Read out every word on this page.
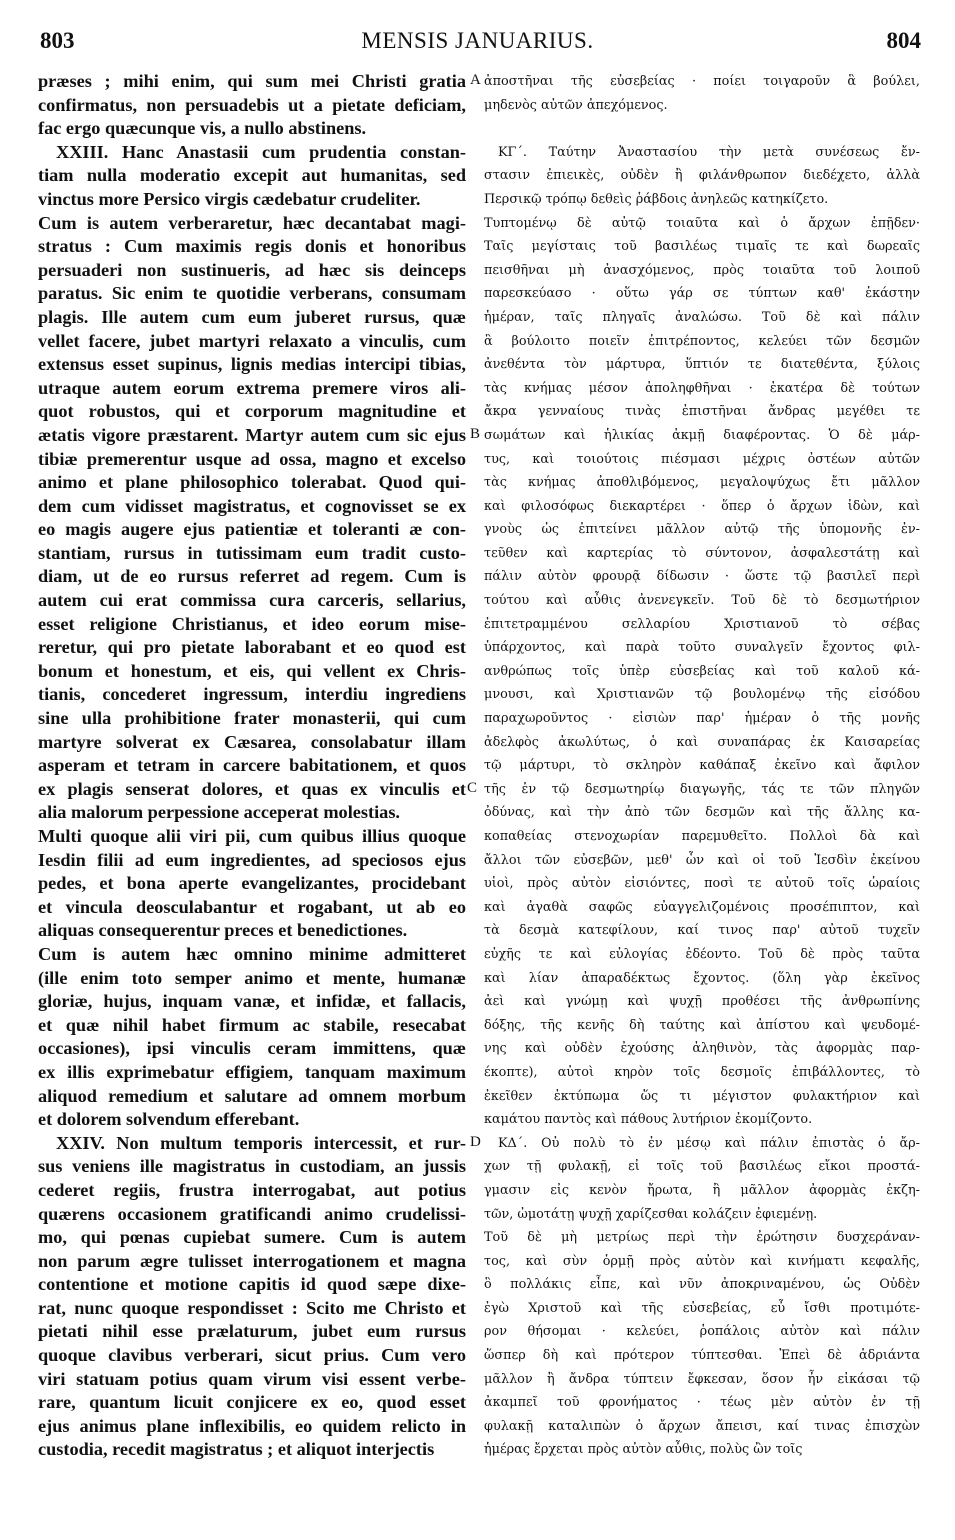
803	MENSIS JANUARIUS.	804
præses ; mihi enim, qui sum mei Christi gratia
confirmatus, non persuadebis ut a pietate deficiam,
fac ergo quæcunque vis, a nullo abstinens.
XXIII. Hanc Anastasii cum prudentia constan-
tiam nulla moderatio excepit aut humanitas, sed
vinctus more Persico virgis cædebatur crudeliter.
Cum is autem verberaretur, hæc decantabat magi-
stratus : Cum maximis regis donis et honoribus
persuaderi non sustinueris, ad hæc sis deinceps
paratus. Sic enim te quotidie verberans, consumam
plagis. Ille autem cum eum juberet rursus, quæ
vellet facere, jubet martyri relaxato a vinculis, cum
extensus esset supinus, lignis medias intercipi tibias,
utraque autem eorum extrema premere viros ali-
quot robustos, qui et corporum magnitudine et
ætatis vigore præstarent. Martyr autem cum sic ejus
tibiæ premerentur usque ad ossa, magno et excelso
animo et plane philosophico tolerabat. Quod qui-
dem cum vidisset magistratus, et cognovisset se ex
eo magis augere ejus patientiæ et toleranti æ con-
stantiam, rursus in tutissimam eum tradit custo-
diam, ut de eo rursus referret ad regem. Cum is
autem cui erat commissa cura carceris, sellarius,
esset religione Christianus, et ideo eorum mise-
reretur, qui pro pietate laborabant et eo quod est
bonum et honestum, et eis, qui vellent ex Chris-
tianis, concederet ingressum, interdiu ingrediens
sine ulla prohibitione frater monasterii, qui cum
martyre solverat ex Cæsarea, consolabatur illam
asperam et tetram in carcere babitationem, et quos
ex plagis senserat dolores, et quas ex vinculis et
alia malorum perpessione acceperat molestias.
Multi quoque alii viri pii, cum quibus illius quoque
Iesdin filii ad eum ingredientes, ad speciosos ejus
pedes, et bona aperte evangelizantes, procidebant
et vincula deosculabantur et rogabant, ut ab eo
aliquas consequerentur preces et benedictiones.
Cum is autem hæc omnino minime admitteret
(ille enim toto semper animo et mente, humanæ
gloriæ, hujus, inquam vanæ, et infidæ, et fallacis,
et quæ nihil habet firmum ac stabile, resecabat
occasiones), ipsi vinculis ceram immittens, quæ
ex illis exprimebatur effigiem, tanquam maximum
aliquod remedium et salutare ad omnem morbum
et dolorem solvendum efferebant.
XXIV. Non multum temporis intercessit, et rur-
sus veniens ille magistratus in custodiam, an jussis
cederet regiis, frustra interrogabat, aut potius
quærens occasionem gratificandi animo crudelissi-
mo, qui pœnas cupiebat sumere. Cum is autem
non parum ægre tulisset interrogationem et magna
contentione et motione capitis id quod sæpe dixe-
rat, nunc quoque respondisset : Scito me Christo et
pietati nihil esse prælaturum, jubet eum rursus
quoque clavibus verberari, sicut prius. Cum vero
viri statuam potius quam virum visi essent verbe-
rare, quantum licuit conjicere ex eo, quod esset
ejus animus plane inflexibilis, eo quidem relicto in
custodia, recedit magistratus ; et aliquot interjectis
ἀποστῆναι τῆς εὐσεβείας · ποίει τοιγαροῦν ἃ βούλει,
μηδενὸς αὐτῶν ἀπεχόμενος.

ΚΓ΄. Ταύτην Ἀναστασίου τὴν μετὰ συνέσεως ἔν-
στασιν ἐπιεικὲς, οὐδὲν ἢ φιλάνθρωπον διεδέχετο, ἀλλὰ
Περσικῷ τρόπῳ δεθεὶς ῥάβδοις ἀνηλεῶς κατηκίζετο.
Τυπτομένῳ δὲ αὐτῷ τοιαῦτα καὶ ὁ ἄρχων ἐπῇδεν·
Ταῖς μεγίσταις τοῦ βασιλέως τιμαῖς τε καὶ δωρεαῖς
πεισθῆναι μὴ ἀνασχόμενος, πρὸς τοιαῦτα τοῦ λοιποῦ
παρεσκεύασο · οὕτω γάρ σε τύπτων καθ' ἑκάστην
ἡμέραν, ταῖς πληγαῖς ἀναλώσω. Τοῦ δὲ καὶ πάλιν
ἃ βούλοιτο ποιεῖν ἐπιτρέποντος, κελεύει τῶν δεσμῶν
ἀνεθέντα τὸν μάρτυρα, ὕπτιόν τε διατεθέντα, ξύλοις
τὰς κνήμας μέσον ἀποληφθῆναι · ἑκατέρα δὲ τούτων
ἄκρα γενναίους τινὰς ἐπιστῆναι ἄνδρας μεγέθει τε
σωμάτων καὶ ἡλικίας ἀκμῇ διαφέροντας. Ὁ δὲ μάρ-
τυς, καὶ τοιούτοις πιέσμασι μέχρις ὀστέων αὐτῶν
τὰς κνήμας ἀποθλιβόμενος, μεγαλοψύχως ἔτι μᾶλλον
καὶ φιλοσόφως διεκαρτέρει · ὅπερ ὁ ἄρχων ἰδὼν, καὶ
γνοὺς ὡς ἐπιτείνει μᾶλλον αὐτῷ τῆς ὑπομονῆς ἐν-
τεῦθεν καὶ καρτερίας τὸ σύντονον, ἀσφαλεστάτῃ καὶ
πάλιν αὐτὸν φρουρᾷ δίδωσιν · ὥστε τῷ βασιλεῖ περὶ
τούτου καὶ αὖθις ἀνενεγκεῖν. Τοῦ δὲ τὸ δεσμωτήριον
ἐπιτετραμμένου σελλαρίου Χριστιανοῦ τὸ σέβας
ὑπάρχοντος, καὶ παρὰ τοῦτο συναλγεῖν ἔχοντος φιλ-
ανθρώπως τοῖς ὑπὲρ εὐσεβείας καὶ τοῦ καλοῦ κά-
μνουσι, καὶ Χριστιανῶν τῷ βουλομένῳ τῆς εἰσόδου
παραχωροῦντος · εἰσιὼν παρ' ἡμέραν ὁ τῆς μονῆς
ἀδελφὸς ἀκωλύτως, ὁ καὶ συναπάρας ἐκ Καισαρείας
τῷ μάρτυρι, τὸ σκληρὸν καθάπαξ ἐκεῖνο καὶ ἄφιλον
τῆς ἐν τῷ δεσμωτηρίῳ διαγωγῆς, τάς τε τῶν πληγῶν
ὀδύνας, καὶ τὴν ἀπὸ τῶν δεσμῶν καὶ τῆς ἄλλης κα-
κοπαθείας στενοχωρίαν παρεμυθεῖτο. Πολλοὶ δὰ καὶ
ἄλλοι τῶν εὐσεβῶν, μεθ' ὧν καὶ οἱ τοῦ Ἰεσδὶν ἐκείνου
υἱοὶ, πρὸς αὐτὸν εἰσιόντες, ποσὶ τε αὐτοῦ τοῖς ὡραίοις
καὶ ἀγαθὰ σαφῶς εὐαγγελιζομένοις προσέπιπτον, καὶ
τὰ δεσμὰ κατεφίλουν, καί τινος παρ' αὐτοῦ τυχεῖν
εὐχῆς τε καὶ εὐλογίας ἐδέοντο. Τοῦ δὲ πρὸς ταῦτα
καὶ λίαν ἀπαραδέκτως ἔχοντος. (ὅλη γὰρ ἐκεῖνος
ἀεὶ καὶ γνώμῃ καὶ ψυχῇ προθέσει τῆς ἀνθρωπίνης
δόξης, τῆς κενῆς δὴ ταύτης καὶ ἀπίστου καὶ ψευδομέ-
νης καὶ οὐδὲν ἐχούσης ἀληθινὸν, τὰς ἀφορμὰς παρ-
έκοπτε), αὐτοὶ κηρὸν τοῖς δεσμοῖς ἐπιβάλλοντες, τὸ
ἐκεῖθεν ἐκτύπωμα ὥς τι μέγιστον φυλακτήριον καὶ
καμάτου παντὸς καὶ πάθους λυτήριον ἐκομίζοντο.
ΚΔ΄. Οὐ πολὺ τὸ ἐν μέσῳ καὶ πάλιν ἐπιστὰς ὁ ἄρ-
χων τῇ φυλακῇ, εἰ τοῖς τοῦ βασιλέως εἴκοι προστά-
γμασιν εἰς κενὸν ἤρωτα, ἢ μᾶλλον ἀφορμὰς ἐκζη-
τῶν, ὠμοτάτῃ ψυχῇ χαρίζεσθαι κολάζειν ἐφιεμένῃ.
Τοῦ δὲ μὴ μετρίως περὶ τὴν ἐρώτησιν δυσχεράναν-
τος, καὶ σὺν ὁρμῇ πρὸς αὐτὸν καὶ κινήματι κεφαλῆς,
ὃ πολλάκις εἶπε, καὶ νῦν ἀποκριναμένου, ὡς Οὐδὲν
ἐγὼ Χριστοῦ καὶ τῆς εὐσεβείας, εὖ ἴσθι προτιμότε-
ρον θήσομαι · κελεύει, ῥοπάλοις αὐτὸν καὶ πάλιν
ὥσπερ δὴ καὶ πρότερον τύπτεσθαι. Ἐπεὶ δὲ ἀδριάντα
μᾶλλον ἢ ἄνδρα τύπτειν ἔφκεσαν, ὅσον ἦν εἰκάσαι τῷ
ἀκαμπεῖ τοῦ φρονήματος · τέως μὲν αὐτὸν ἐν τῇ
φυλακῇ καταλιπὼν ὁ ἄρχων ἄπεισι, καί τινας ἐπισχὼν
ἡμέρας ἔρχεται πρὸς αὐτὸν αὖθις, πολὺς ὢν τοῖς
A
B
C
D
